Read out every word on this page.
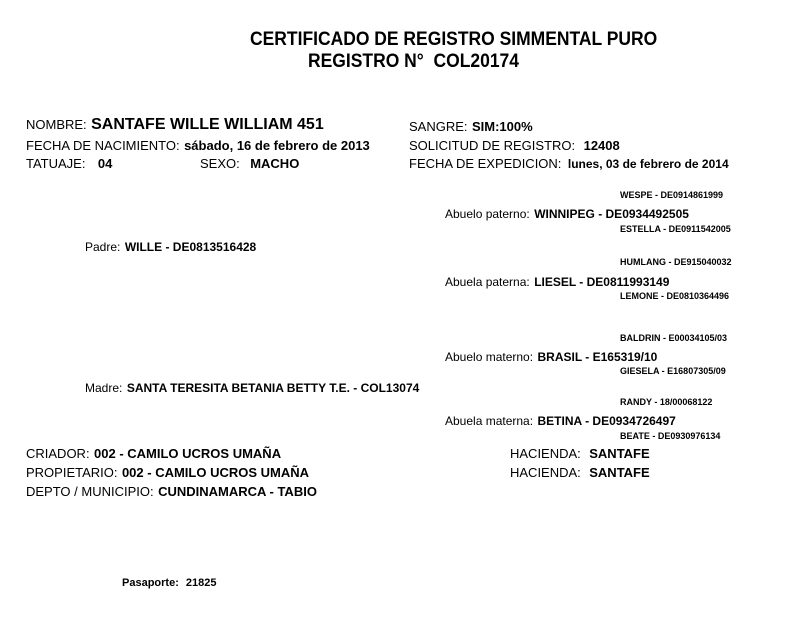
CERTIFICADO DE REGISTRO SIMMENTAL PURO
REGISTRO N° COL20174
NOMBRE: SANTAFE WILLE WILLIAM 451
FECHA DE NACIMIENTO: sábado, 16 de febrero de 2013
TATUAJE: 04	SEXO: MACHO
SANGRE: SIM:100%
SOLICITUD DE REGISTRO: 12408
FECHA DE EXPEDICION: lunes, 03 de febrero de 2014
WESPE - DE0914861999
Abuelo paterno: WINNIPEG - DE0934492505
ESTELLA - DE0911542005
Padre: WILLE - DE0813516428
HUMLANG - DE915040032
Abuela paterna: LIESEL - DE0811993149
LEMONE - DE0810364496
BALDRIN - E00034105/03
Abuelo materno: BRASIL - E165319/10
GIESELA - E16807305/09
Madre: SANTA TERESITA BETANIA BETTY T.E. - COL13074
RANDY - 18/00068122
Abuela materna: BETINA - DE0934726497
BEATE - DE0930976134
CRIADOR: 002 - CAMILO UCROS UMAÑA
PROPIETARIO: 002 - CAMILO UCROS UMAÑA
DEPTO / MUNICIPIO: CUNDINAMARCA - TABIO
HACIENDA: SANTAFE
HACIENDA: SANTAFE
Pasaporte: 21825
